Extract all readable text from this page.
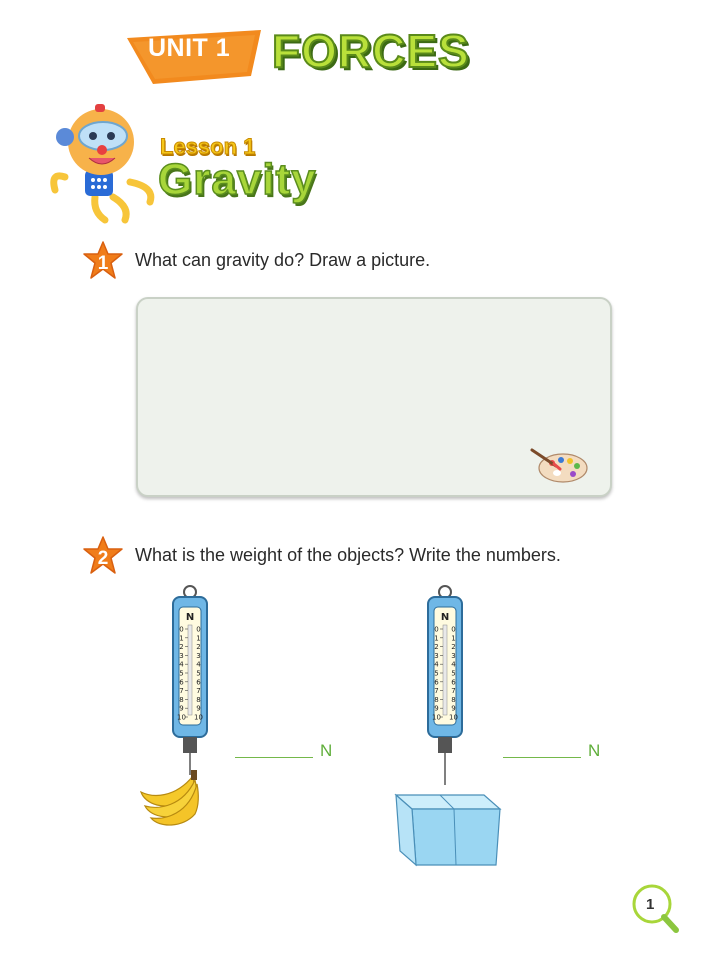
UNIT 1 FORCES
Lesson 1
Gravity
1 What can gravity do? Draw a picture.
2 What is the weight of the objects? Write the numbers.
N
0 0
1 1
2 2
3 3
4 4
5 5
6 6
7 7
8 8
9 9
10 10
N
0 0
1 1
2 2
3 3
4 4
5 5
6 6
7 7
8 8
9 9
10 10
N	N
1
